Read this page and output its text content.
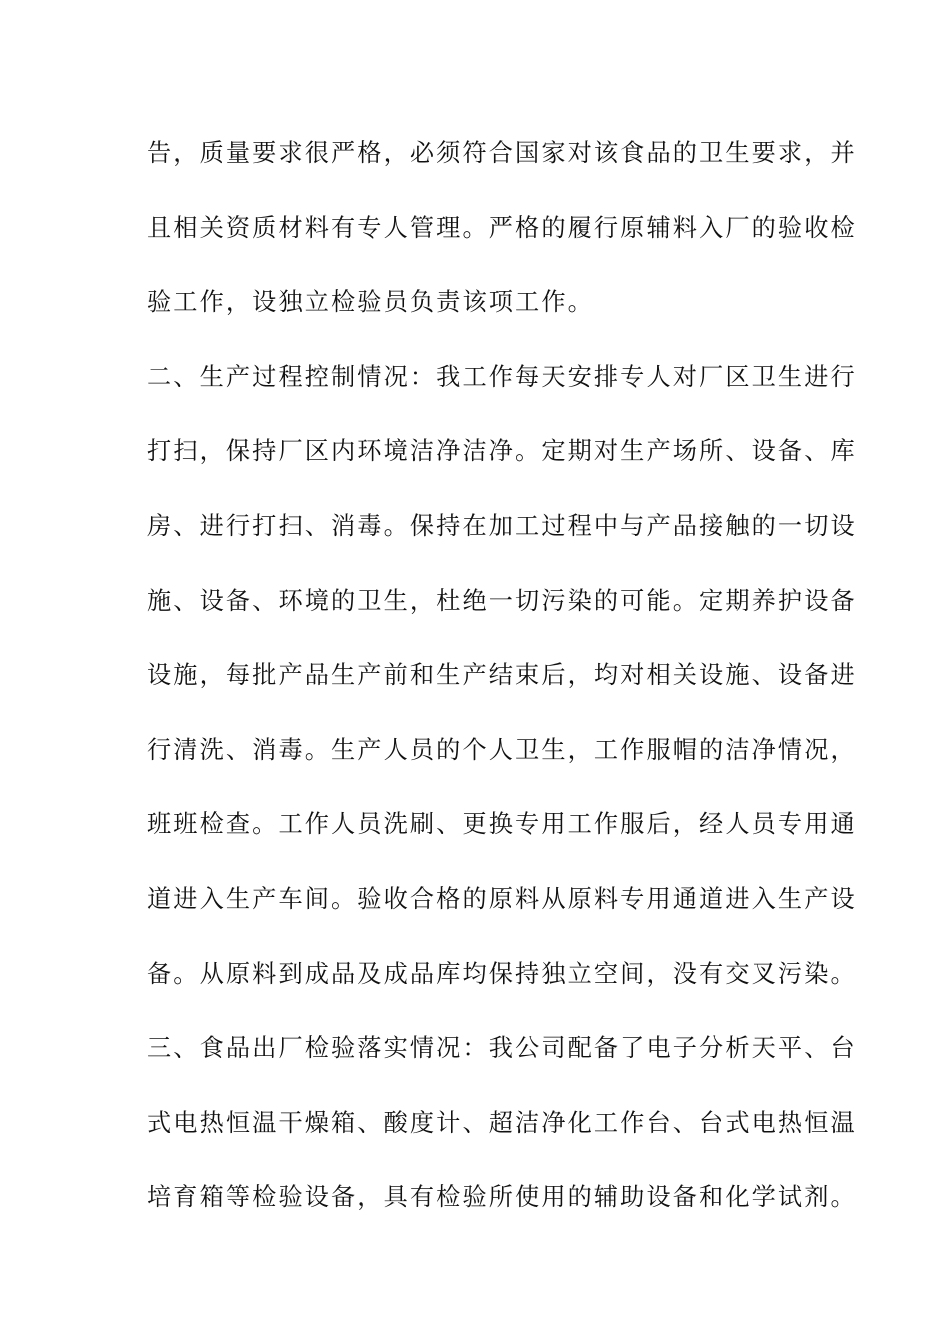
告，质量要求很严格，必须符合国家对该食品的卫生要求，并
且相关资质材料有专人管理。严格的履行原辅料入厂的验收检
验工作，设独立检验员负责该项工作。
二、生产过程控制情况：我工作每天安排专人对厂区卫生进行
打扫，保持厂区内环境洁净洁净。定期对生产场所、设备、库
房、进行打扫、消毒。保持在加工过程中与产品接触的一切设
施、设备、环境的卫生，杜绝一切污染的可能。定期养护设备
设施，每批产品生产前和生产结束后，均对相关设施、设备进
行清洗、消毒。生产人员的个人卫生，工作服帽的洁净情况，
班班检查。工作人员洗刷、更换专用工作服后，经人员专用通
道进入生产车间。验收合格的原料从原料专用通道进入生产设
备。从原料到成品及成品库均保持独立空间，没有交叉污染。
三、食品出厂检验落实情况：我公司配备了电子分析天平、台
式电热恒温干燥箱、酸度计、超洁净化工作台、台式电热恒温
培育箱等检验设备，具有检验所使用的辅助设备和化学试剂。
